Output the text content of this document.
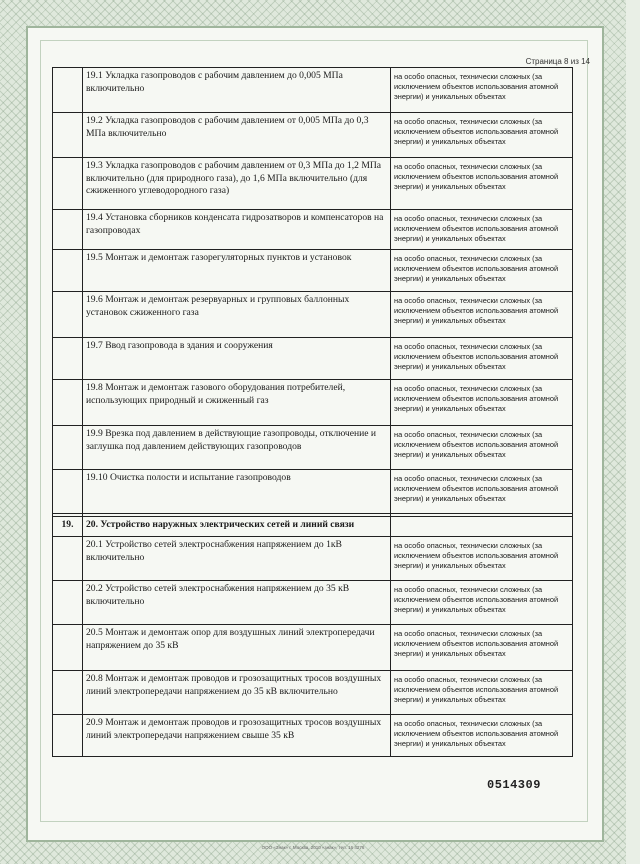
Страница 8 из 14
	19.1 Укладка газопроводов с рабочим давлением до 0,005 МПа включительно	на особо опасных, технически сложных (за исключением объектов использования атомной энергии) и уникальных объектах
	19.2 Укладка газопроводов с рабочим давлением от 0,005 МПа до 0,3 МПа включительно	на особо опасных, технически сложных (за исключением объектов использования атомной энергии) и уникальных объектах
	19.3 Укладка газопроводов с рабочим давлением от 0,3 МПа до 1,2 МПа включительно (для природного газа), до 1,6 МПа включительно (для сжиженного углеводородного газа)	на особо опасных, технически сложных (за исключением объектов использования атомной энергии) и уникальных объектах
	19.4 Установка сборников конденсата гидрозатворов и компенсаторов на газопроводах	на особо опасных, технически сложных (за исключением объектов использования атомной энергии) и уникальных объектах
	19.5 Монтаж и демонтаж газорегуляторных пунктов и установок	на особо опасных, технически сложных (за исключением объектов использования атомной энергии) и уникальных объектах
	19.6 Монтаж и демонтаж резервуарных и групповых баллонных установок сжиженного газа	на особо опасных, технически сложных (за исключением объектов использования атомной энергии) и уникальных объектах
	19.7 Ввод газопровода в здания и сооружения	на особо опасных, технически сложных (за исключением объектов использования атомной энергии) и уникальных объектах
	19.8 Монтаж и демонтаж газового оборудования потребителей, использующих природный и сжиженный газ	на особо опасных, технически сложных (за исключением объектов использования атомной энергии) и уникальных объектах
	19.9 Врезка под давлением в действующие газопроводы, отключение и заглушка под давлением действующих газопроводов	на особо опасных, технически сложных (за исключением объектов использования атомной энергии) и уникальных объектах
	19.10 Очистка полости и испытание газопроводов	на особо опасных, технически сложных (за исключением объектов использования атомной энергии) и уникальных объектах

19.	20. Устройство наружных электрических сетей и линий связи	
	20.1 Устройство сетей электроснабжения напряжением до 1кВ включительно	на особо опасных, технически сложных (за исключением объектов использования атомной энергии) и уникальных объектах
	20.2 Устройство сетей электроснабжения напряжением до 35 кВ включительно	на особо опасных, технически сложных (за исключением объектов использования атомной энергии) и уникальных объектах
	20.5 Монтаж и демонтаж опор для воздушных линий электропередачи напряжением до 35 кВ	на особо опасных, технически сложных (за исключением объектов использования атомной энергии) и уникальных объектах
	20.8 Монтаж и демонтаж проводов и грозозащитных тросов воздушных линий электропередачи напряжением до 35 кВ включительно	на особо опасных, технически сложных (за исключением объектов использования атомной энергии) и уникальных объектах
	20.9 Монтаж и демонтаж проводов и грозозащитных тросов воздушных линий электропередачи напряжением свыше 35 кВ	на особо опасных, технически сложных (за исключением объектов использования атомной энергии) и уникальных объектах
0514309
ООО «Знак» г. Москва, 2010 «знак», тел. 16 4276
